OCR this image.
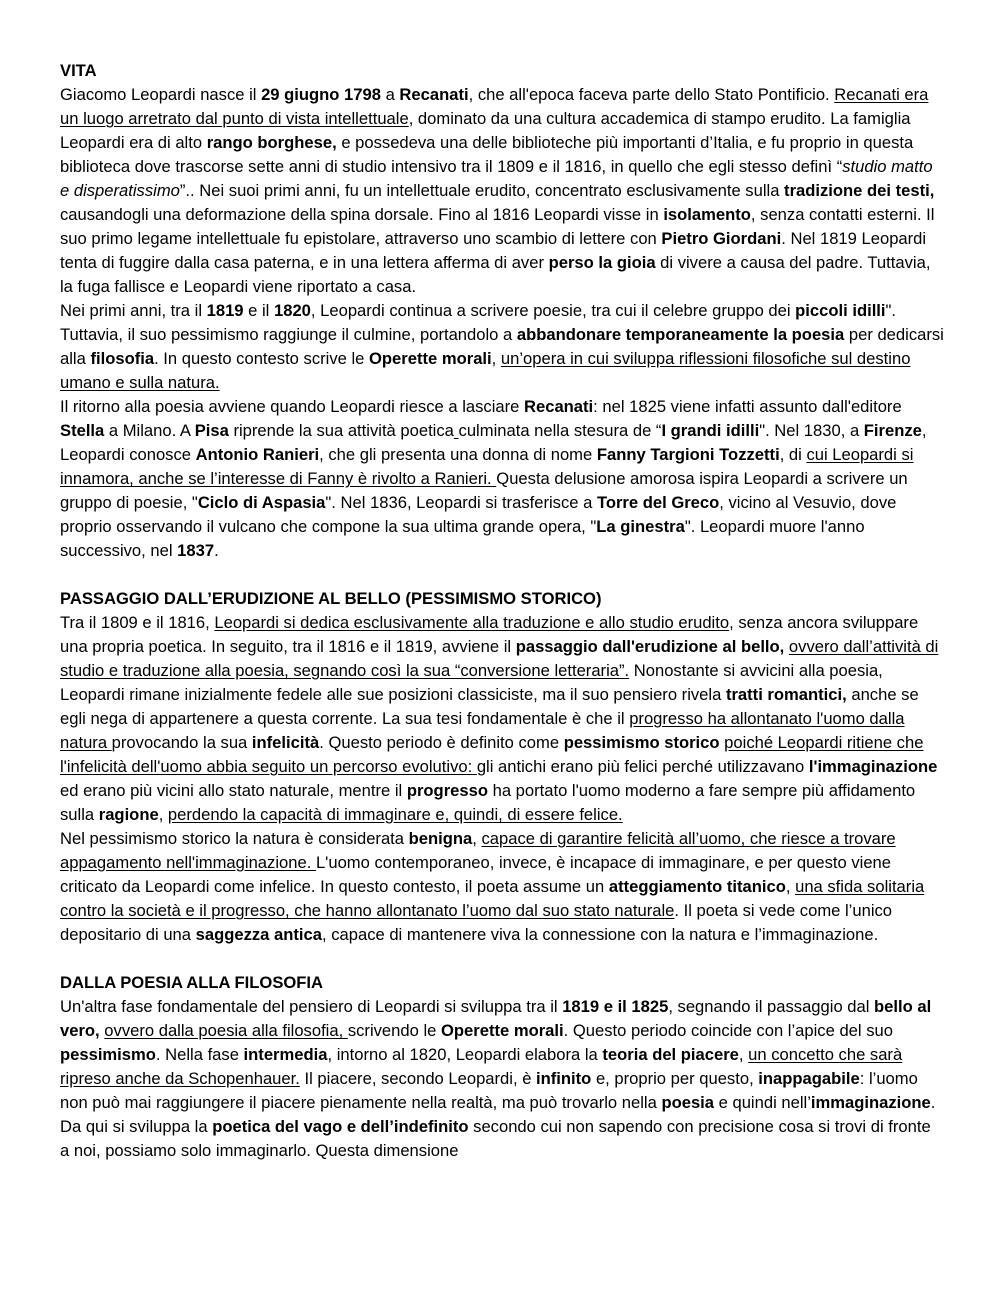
VITA

Giacomo Leopardi nasce il 29 giugno 1798 a Recanati, che all'epoca faceva parte dello Stato Pontificio. Recanati era un luogo arretrato dal punto di vista intellettuale, dominato da una cultura accademica di stampo erudito. La famiglia Leopardi era di alto rango borghese, e possedeva una delle biblioteche più importanti d’Italia, e fu proprio in questa biblioteca dove trascorse sette anni di studio intensivo tra il 1809 e il 1816, in quello che egli stesso definì “studio matto e disperatissimo”.. Nei suoi primi anni, fu un intellettuale erudito, concentrato esclusivamente sulla tradizione dei testi, causandogli una deformazione della spina dorsale. Fino al 1816 Leopardi visse in isolamento, senza contatti esterni. Il suo primo legame intellettuale fu epistolare, attraverso uno scambio di lettere con Pietro Giordani. Nel 1819 Leopardi tenta di fuggire dalla casa paterna, e in una lettera afferma di aver perso la gioia di vivere a causa del padre. Tuttavia, la fuga fallisce e Leopardi viene riportato a casa.

Nei primi anni, tra il 1819 e il 1820, Leopardi continua a scrivere poesie, tra cui il celebre gruppo dei piccoli idilli". Tuttavia, il suo pessimismo raggiunge il culmine, portandolo a abbandonare temporaneamente la poesia per dedicarsi alla filosofia. In questo contesto scrive le Operette morali, un’opera in cui sviluppa riflessioni filosofiche sul destino umano e sulla natura.

Il ritorno alla poesia avviene quando Leopardi riesce a lasciare Recanati: nel 1825 viene infatti assunto dall'editore Stella a Milano. A Pisa riprende la sua attività poetica culminata nella stesura de “I grandi idilli". Nel 1830, a Firenze, Leopardi conosce Antonio Ranieri, che gli presenta una donna di nome Fanny Targioni Tozzetti, di cui Leopardi si innamora, anche se l’interesse di Fanny è rivolto a Ranieri. Questa delusione amorosa ispira Leopardi a scrivere un gruppo di poesie, "Ciclo di Aspasia". Nel 1836, Leopardi si trasferisce a Torre del Greco, vicino al Vesuvio, dove proprio osservando il vulcano che compone la sua ultima grande opera, "La ginestra". Leopardi muore l'anno successivo, nel 1837.

PASSAGGIO DALL’ERUDIZIONE AL BELLO (PESSIMISMO STORICO)

Tra il 1809 e il 1816, Leopardi si dedica esclusivamente alla traduzione e allo studio erudito, senza ancora sviluppare una propria poetica. In seguito, tra il 1816 e il 1819, avviene il passaggio dall'erudizione al bello, ovvero dall’attività di studio e traduzione alla poesia, segnando così la sua “conversione letteraria”. Nonostante si avvicini alla poesia, Leopardi rimane inizialmente fedele alle sue posizioni classiciste, ma il suo pensiero rivela tratti romantici, anche se egli nega di appartenere a questa corrente. La sua tesi fondamentale è che il progresso ha allontanato l'uomo dalla natura provocando la sua infelicità. Questo periodo è definito come pessimismo storico poiché Leopardi ritiene che l'infelicità dell'uomo abbia seguito un percorso evolutivo: gli antichi erano più felici perché utilizzavano l'immaginazione ed erano più vicini allo stato naturale, mentre il progresso ha portato l'uomo moderno a fare sempre più affidamento sulla ragione, perdendo la capacità di immaginare e, quindi, di essere felice.

Nel pessimismo storico la natura è considerata benigna, capace di garantire felicità all’uomo, che riesce a trovare appagamento nell'immaginazione. L'uomo contemporaneo, invece, è incapace di immaginare, e per questo viene criticato da Leopardi come infelice. In questo contesto, il poeta assume un atteggiamento titanico, una sfida solitaria contro la società e il progresso, che hanno allontanato l’uomo dal suo stato naturale. Il poeta si vede come l’unico depositario di una saggezza antica, capace di mantenere viva la connessione con la natura e l’immaginazione.

DALLA POESIA ALLA FILOSOFIA

Un'altra fase fondamentale del pensiero di Leopardi si sviluppa tra il 1819 e il 1825, segnando il passaggio dal bello al vero, ovvero dalla poesia alla filosofia, scrivendo le Operette morali. Questo periodo coincide con l’apice del suo pessimismo. Nella fase intermedia, intorno al 1820, Leopardi elabora la teoria del piacere, un concetto che sarà ripreso anche da Schopenhauer. Il piacere, secondo Leopardi, è infinito e, proprio per questo, inappagabile: l’uomo non può mai raggiungere il piacere pienamente nella realtà, ma può trovarlo nella poesia e quindi nell’immaginazione. Da qui si sviluppa la poetica del vago e dell’indefinito secondo cui non sapendo con precisione cosa si trovi di fronte a noi, possiamo solo immaginarlo. Questa dimensione
